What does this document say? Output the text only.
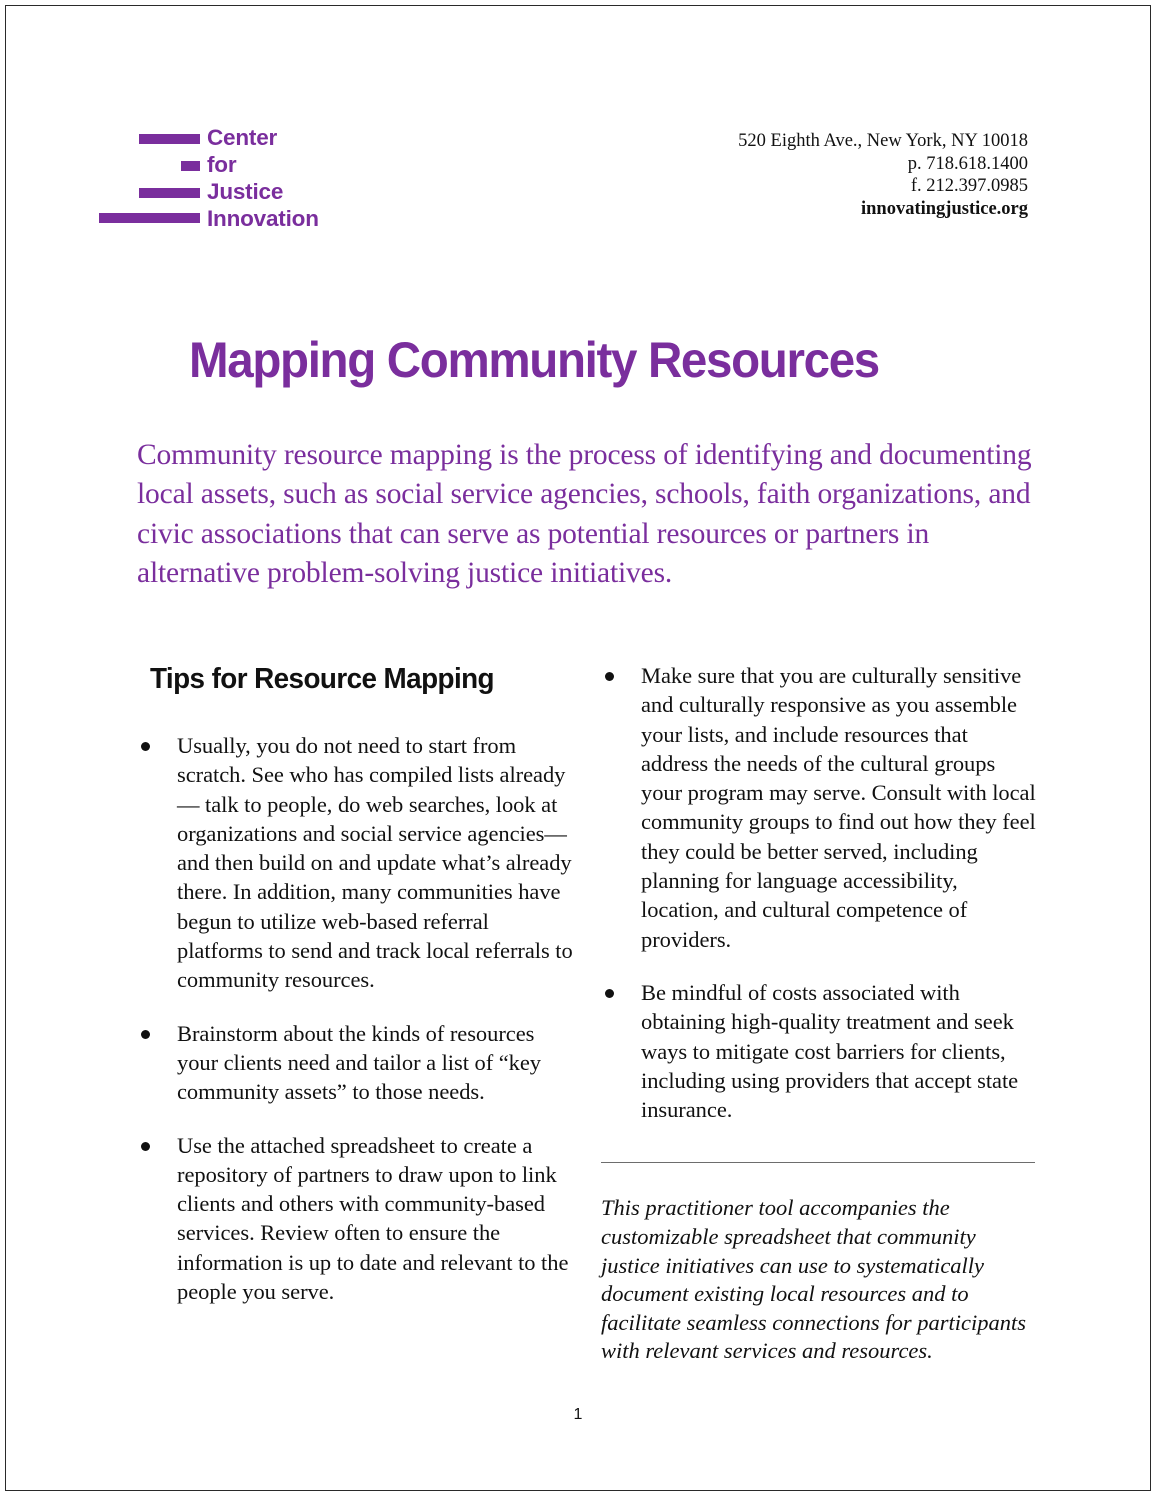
Center
for
Justice
Innovation
520 Eighth Ave., New York, NY 10018
p. 718.618.1400
f. 212.397.0985
innovatingjustice.org
Mapping Community Resources

Community resource mapping is the process of identifying and documenting local assets, such as social service agencies, schools, faith organizations, and civic associations that can serve as potential resources or partners in alternative problem-solving justice initiatives.

Tips for Resource Mapping
Usually, you do not need to start from scratch. See who has compiled lists already— talk to people, do web searches, look at organizations and social service agencies—and then build on and update what’s already there. In addition, many communities have begun to utilize web-based referral platforms to send and track local referrals to community resources.
Brainstorm about the kinds of resources your clients need and tailor a list of “key community assets” to those needs.
Use the attached spreadsheet to create a repository of partners to draw upon to link clients and others with community-based services. Review often to ensure the information is up to date and relevant to the people you serve.
Make sure that you are culturally sensitive and culturally responsive as you assemble your lists, and include resources that address the needs of the cultural groups your program may serve. Consult with local community groups to find out how they feel they could be better served, including planning for language accessibility, location, and cultural competence of providers.
Be mindful of costs associated with obtaining high-quality treatment and seek ways to mitigate cost barriers for clients, including using providers that accept state insurance.

This practitioner tool accompanies the customizable spreadsheet that community justice initiatives can use to systematically document existing local resources and to facilitate seamless connections for participants with relevant services and resources.

1
